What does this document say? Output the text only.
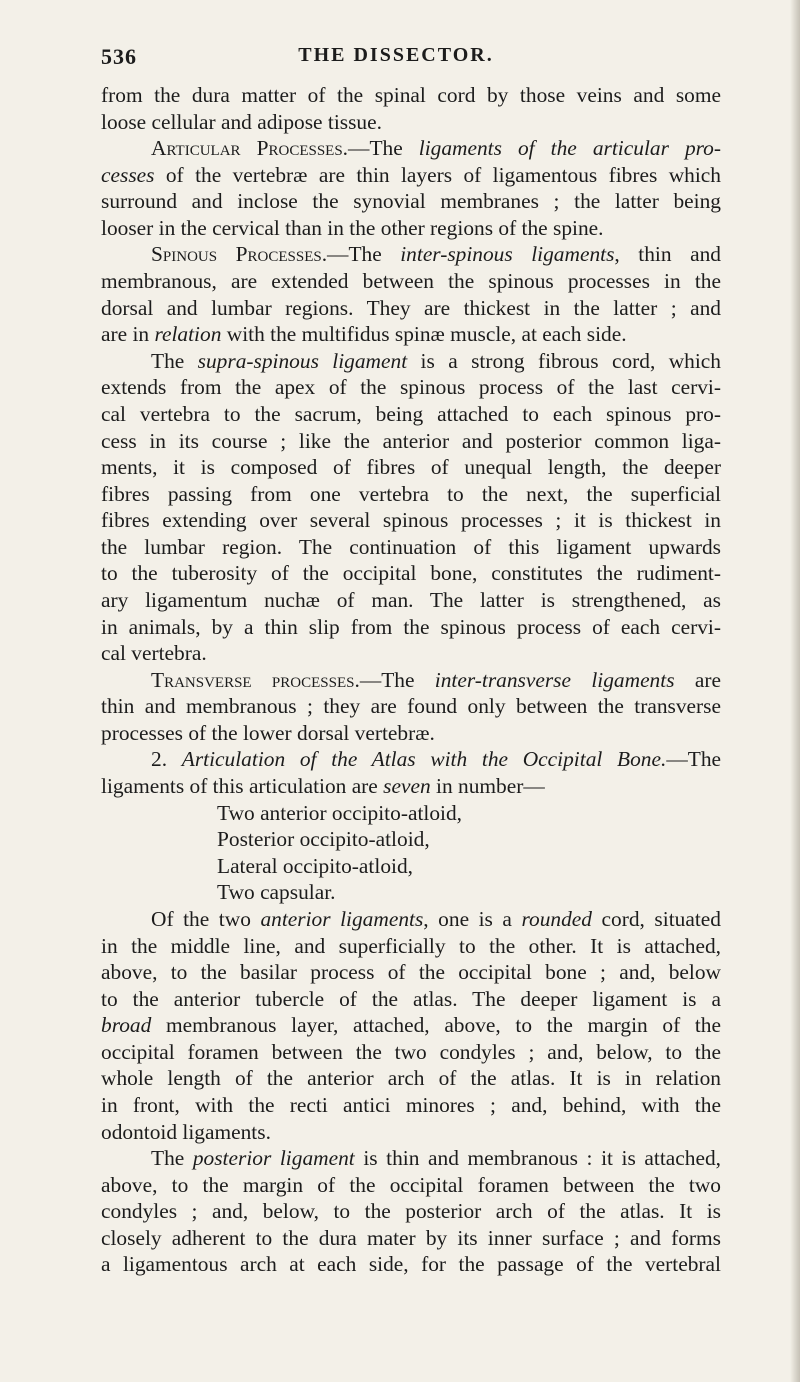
536	THE DISSECTOR.
from the dura matter of the spinal cord by those veins and some
loose cellular and adipose tissue.
Articular Processes.—The ligaments of the articular pro-
cesses of the vertebræ are thin layers of ligamentous fibres which
surround and inclose the synovial membranes ; the latter being
looser in the cervical than in the other regions of the spine.
Spinous Processes.—The inter-spinous ligaments, thin and
membranous, are extended between the spinous processes in the
dorsal and lumbar regions. They are thickest in the latter ; and
are in relation with the multifidus spinæ muscle, at each side.
The supra-spinous ligament is a strong fibrous cord, which
extends from the apex of the spinous process of the last cervi-
cal vertebra to the sacrum, being attached to each spinous pro-
cess in its course ; like the anterior and posterior common liga-
ments, it is composed of fibres of unequal length, the deeper
fibres passing from one vertebra to the next, the superficial
fibres extending over several spinous processes ; it is thickest in
the lumbar region. The continuation of this ligament upwards
to the tuberosity of the occipital bone, constitutes the rudiment-
ary ligamentum nuchæ of man. The latter is strengthened, as
in animals, by a thin slip from the spinous process of each cervi-
cal vertebra.
Transverse processes.—The inter-transverse ligaments are
thin and membranous ; they are found only between the transverse
processes of the lower dorsal vertebræ.
2. Articulation of the Atlas with the Occipital Bone.—The
ligaments of this articulation are seven in number—
Two anterior occipito-atloid,
Posterior occipito-atloid,
Lateral occipito-atloid,
Two capsular.
Of the two anterior ligaments, one is a rounded cord, situated
in the middle line, and superficially to the other. It is attached,
above, to the basilar process of the occipital bone ; and, below
to the anterior tubercle of the atlas. The deeper ligament is a
broad membranous layer, attached, above, to the margin of the
occipital foramen between the two condyles ; and, below, to the
whole length of the anterior arch of the atlas. It is in relation
in front, with the recti antici minores ; and, behind, with the
odontoid ligaments.
The posterior ligament is thin and membranous : it is attached,
above, to the margin of the occipital foramen between the two
condyles ; and, below, to the posterior arch of the atlas. It is
closely adherent to the dura mater by its inner surface ; and forms
a ligamentous arch at each side, for the passage of the vertebral
